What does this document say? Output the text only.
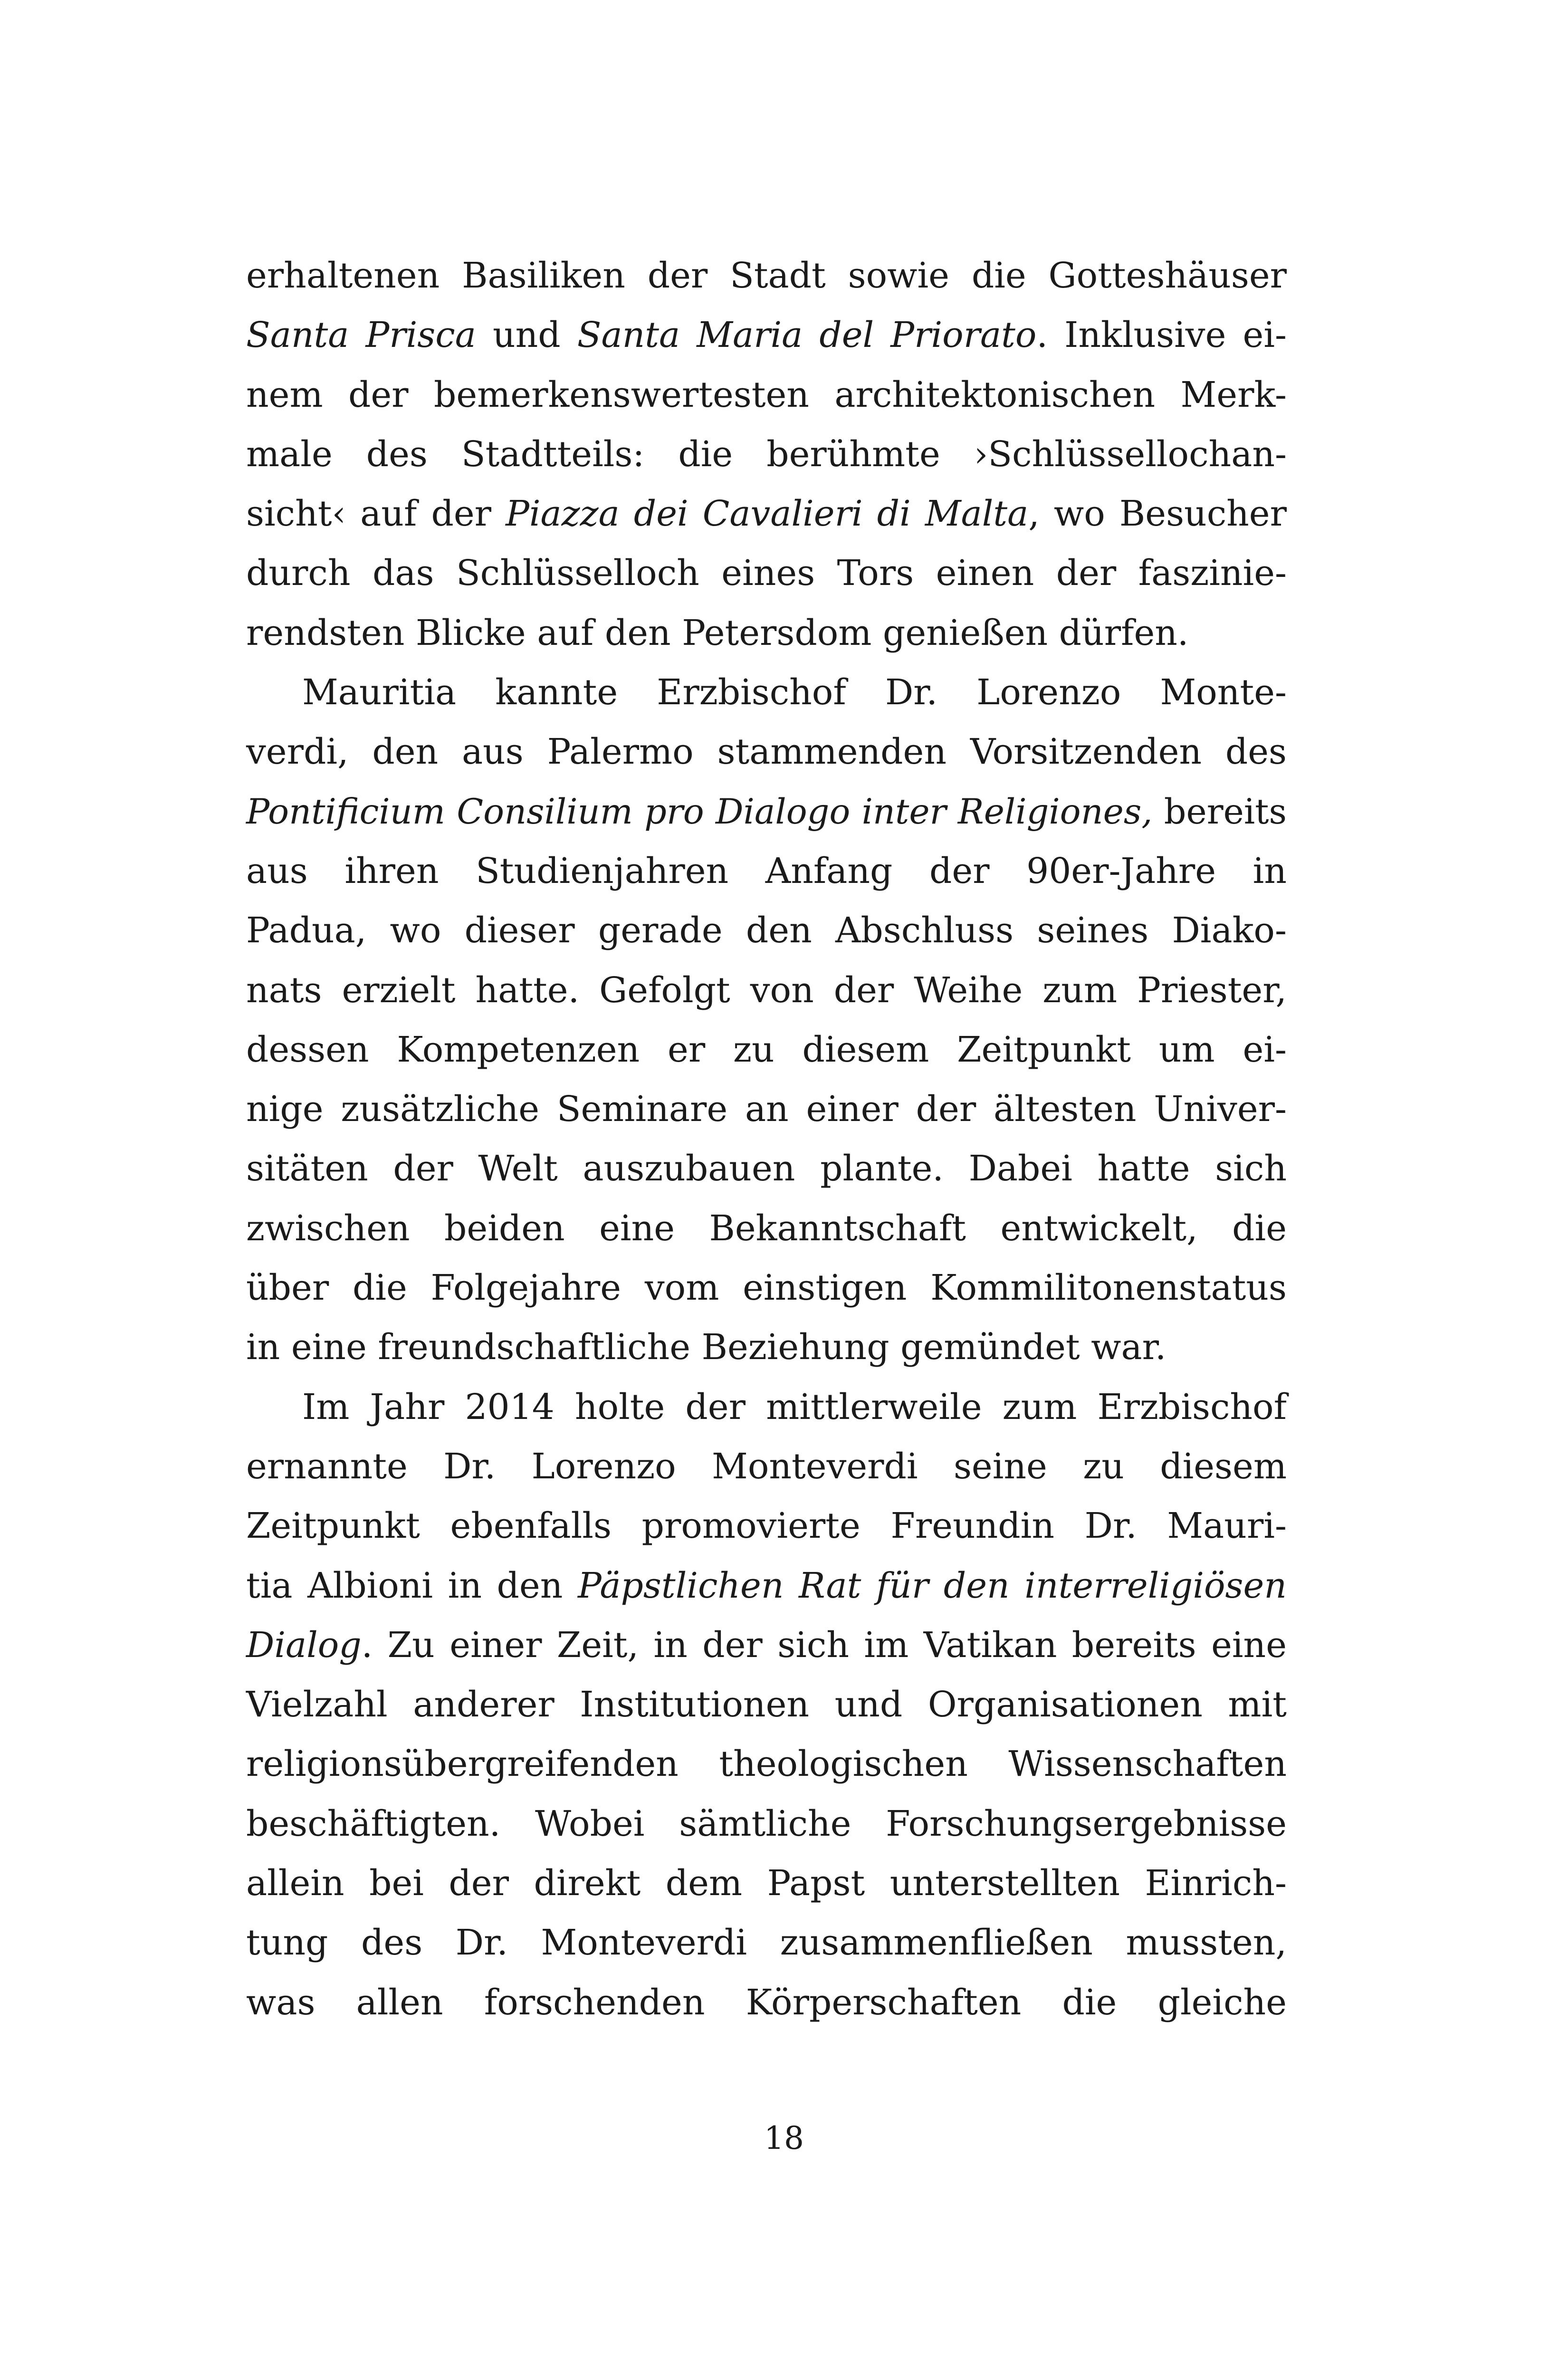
erhaltenen Basiliken der Stadt sowie die Gotteshäuser
Santa Prisca und Santa Maria del Priorato. Inklusive ei-
nem der bemerkenswertesten architektonischen Merk-
male des Stadtteils: die berühmte ›Schlüssellochan-
sicht‹ auf der Piazza dei Cavalieri di Malta, wo Besucher
durch das Schlüsselloch eines Tors einen der faszinie-
rendsten Blicke auf den Petersdom genießen dürfen.
Mauritia kannte Erzbischof Dr. Lorenzo Monte-
verdi, den aus Palermo stammenden Vorsitzenden des
Pontificium Consilium pro Dialogo inter Religiones, bereits
aus ihren Studienjahren Anfang der 90er-Jahre in
Padua, wo dieser gerade den Abschluss seines Diako-
nats erzielt hatte. Gefolgt von der Weihe zum Priester,
dessen Kompetenzen er zu diesem Zeitpunkt um ei-
nige zusätzliche Seminare an einer der ältesten Univer-
sitäten der Welt auszubauen plante. Dabei hatte sich
zwischen beiden eine Bekanntschaft entwickelt, die
über die Folgejahre vom einstigen Kommilitonenstatus
in eine freundschaftliche Beziehung gemündet war.
Im Jahr 2014 holte der mittlerweile zum Erzbischof
ernannte Dr. Lorenzo Monteverdi seine zu diesem
Zeitpunkt ebenfalls promovierte Freundin Dr. Mauri-
tia Albioni in den Päpstlichen Rat für den interreligiösen
Dialog. Zu einer Zeit, in der sich im Vatikan bereits eine
Vielzahl anderer Institutionen und Organisationen mit
religionsübergreifenden theologischen Wissenschaften
beschäftigten. Wobei sämtliche Forschungsergebnisse
allein bei der direkt dem Papst unterstellten Einrich-
tung des Dr. Monteverdi zusammenfließen mussten,
was allen forschenden Körperschaften die gleiche
18
